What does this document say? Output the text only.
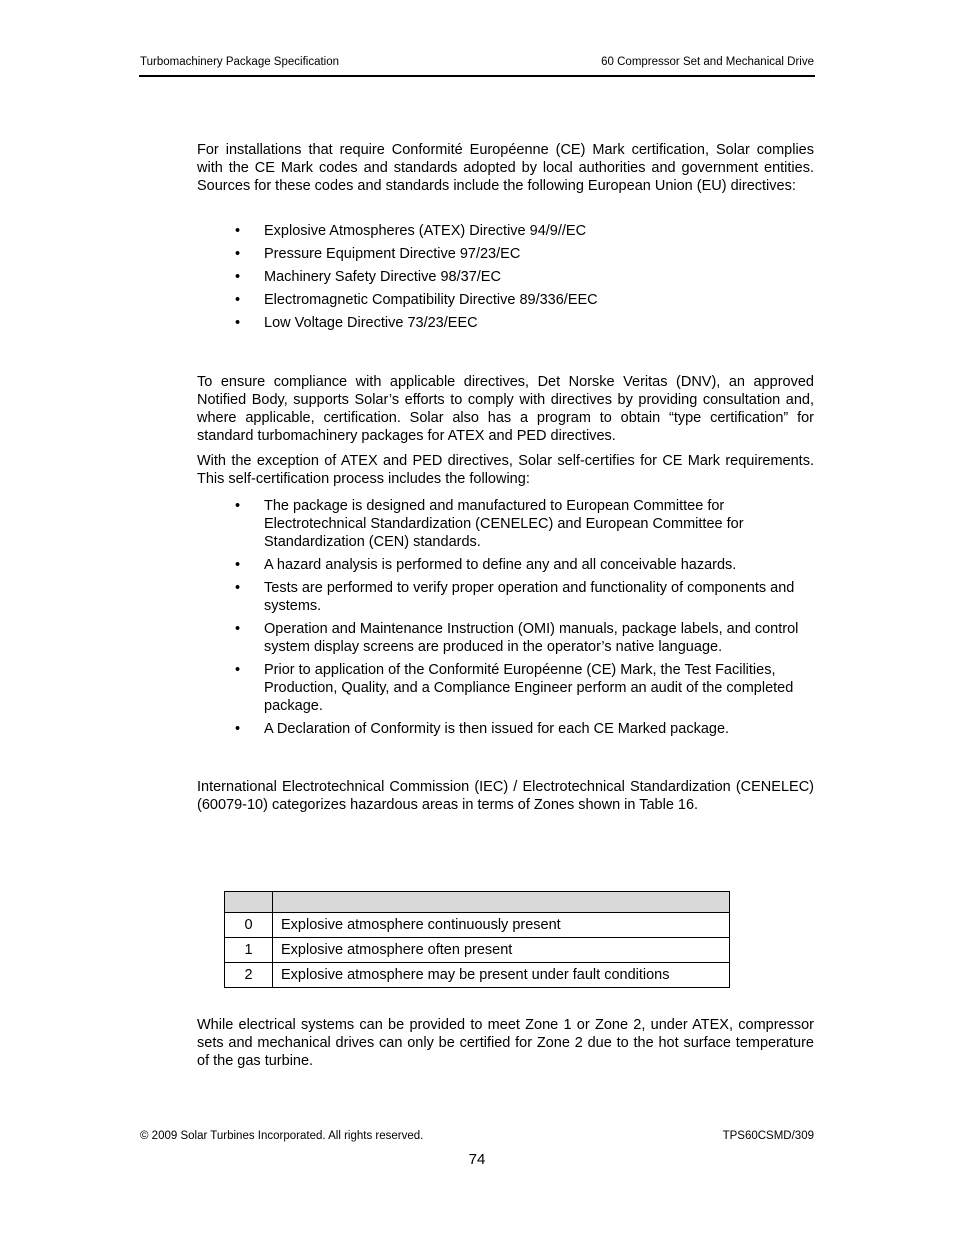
Turbomachinery Package Specification	60 Compressor Set and Mechanical Drive

For installations that require Conformité Européenne (CE) Mark certification, Solar complies with the CE Mark codes and standards adopted by local authorities and government entities. Sources for these codes and standards include the following European Union (EU) directives:

• Explosive Atmospheres (ATEX) Directive 94/9//EC
• Pressure Equipment Directive 97/23/EC
• Machinery Safety Directive 98/37/EC
• Electromagnetic Compatibility Directive 89/336/EEC
• Low Voltage Directive 73/23/EEC

To ensure compliance with applicable directives, Det Norske Veritas (DNV), an approved Notified Body, supports Solar’s efforts to comply with directives by providing consultation and, where applicable, certification. Solar also has a program to obtain “type certification” for standard turbomachinery packages for ATEX and PED directives.

With the exception of ATEX and PED directives, Solar self-certifies for CE Mark requirements. This self-certification process includes the following:

• The package is designed and manufactured to European Committee for Electrotechnical Standardization (CENELEC) and European Committee for Standardization (CEN) standards.
• A hazard analysis is performed to define any and all conceivable hazards.
• Tests are performed to verify proper operation and functionality of components and systems.
• Operation and Maintenance Instruction (OMI) manuals, package labels, and control system display screens are produced in the operator’s native language.
• Prior to application of the Conformité Européenne (CE) Mark, the Test Facilities, Production, Quality, and a Compliance Engineer perform an audit of the completed package.
• A Declaration of Conformity is then issued for each CE Marked package.

International Electrotechnical Commission (IEC) / Electrotechnical Standardization (CENELEC) (60079-10) categorizes hazardous areas in terms of Zones shown in Table 16.

0	Explosive atmosphere continuously present
1	Explosive atmosphere often present
2	Explosive atmosphere may be present under fault conditions

While electrical systems can be provided to meet Zone 1 or Zone 2, under ATEX, compressor sets and mechanical drives can only be certified for Zone 2 due to the hot surface temperature of the gas turbine.

© 2009 Solar Turbines Incorporated. All rights reserved.	TPS60CSMD/309
74
